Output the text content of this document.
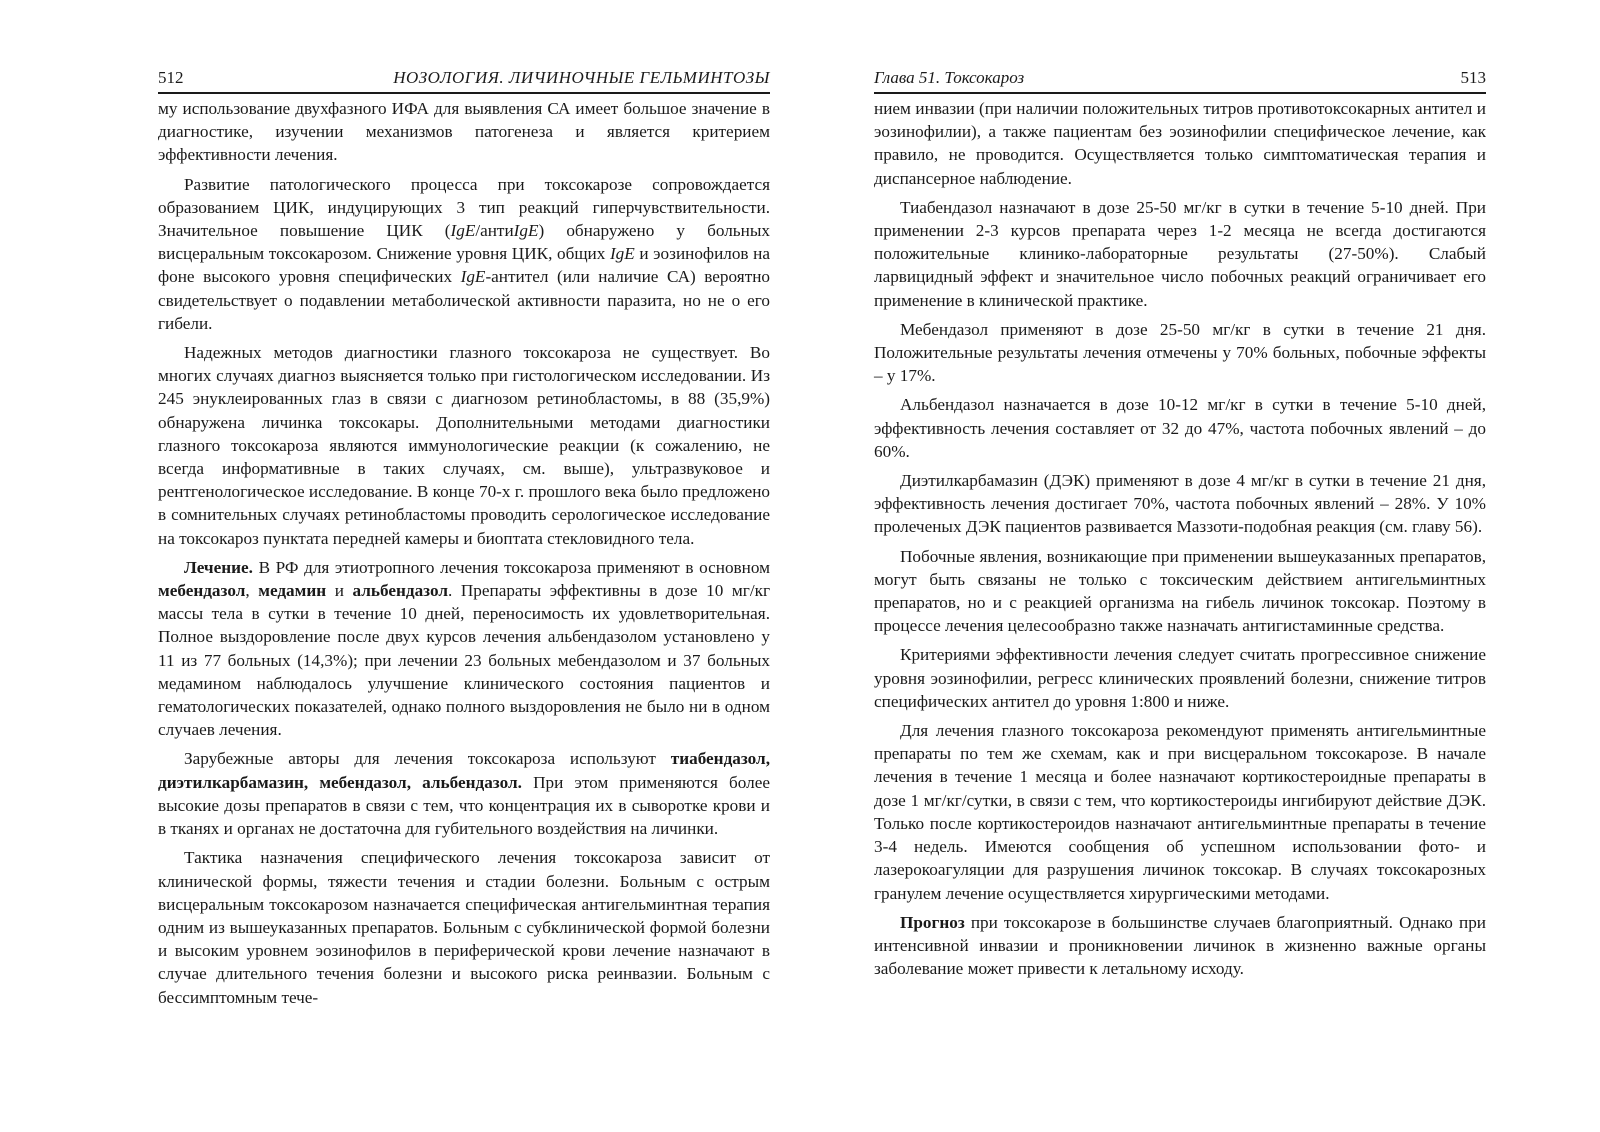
512	НОЗОЛОГИЯ. ЛИЧИНОЧНЫЕ ГЕЛЬМИНТОЗЫ

му использование двухфазного ИФА для выявления СА имеет большое значение в диагностике, изучении механизмов патогенеза и является критерием эффективности лечения.

Развитие патологического процесса при токсокарозе сопровождается образованием ЦИК, индуцирующих 3 тип реакций гиперчувствительности. Значительное повышение ЦИК (IgE/антиIgE) обнаружено у больных висцеральным токсокарозом. Снижение уровня ЦИК, общих IgE и эозинофилов на фоне высокого уровня специфических IgE-антител (или наличие СА) вероятно свидетельствует о подавлении метаболической активности паразита, но не о его гибели.

Надежных методов диагностики глазного токсокароза не существует. Во многих случаях диагноз выясняется только при гистологическом исследовании. Из 245 энуклеированных глаз в связи с диагнозом ретинобластомы, в 88 (35,9%) обнаружена личинка токсокары. Дополнительными методами диагностики глазного токсокароза являются иммунологические реакции (к сожалению, не всегда информативные в таких случаях, см. выше), ультразвуковое и рентгенологическое исследование. В конце 70-х г. прошлого века было предложено в сомнительных случаях ретинобластомы проводить серологическое исследование на токсокароз пунктата передней камеры и биоптата стекловидного тела.

Лечение. В РФ для этиотропного лечения токсокароза применяют в основном мебендазол, медамин и альбендазол. Препараты эффективны в дозе 10 мг/кг массы тела в сутки в течение 10 дней, переносимость их удовлетворительная. Полное выздоровление после двух курсов лечения альбендазолом установлено у 11 из 77 больных (14,3%); при лечении 23 больных мебендазолом и 37 больных медамином наблюдалось улучшение клинического состояния пациентов и гематологических показателей, однако полного выздоровления не было ни в одном случаев лечения.

Зарубежные авторы для лечения токсокароза используют тиабендазол, диэтилкарбамазин, мебендазол, альбендазол. При этом применяются более высокие дозы препаратов в связи с тем, что концентрация их в сыворотке крови и в тканях и органах не достаточна для губительного воздействия на личинки.

Тактика назначения специфического лечения токсокароза зависит от клинической формы, тяжести течения и стадии болезни. Больным с острым висцеральным токсокарозом назначается специфическая антигельминтная терапия одним из вышеуказанных препаратов. Больным с субклинической формой болезни и высоким уровнем эозинофилов в периферической крови лечение назначают в случае длительного течения болезни и высокого риска реинвазии. Больным с бессимптомным тече-

Глава 51. Токсокароз	513

нием инвазии (при наличии положительных титров противотоксокарных антител и эозинофилии), а также пациентам без эозинофилии специфическое лечение, как правило, не проводится. Осуществляется только симптоматическая терапия и диспансерное наблюдение.

Тиабендазол назначают в дозе 25-50 мг/кг в сутки в течение 5-10 дней. При применении 2-3 курсов препарата через 1-2 месяца не всегда достигаются положительные клинико-лабораторные результаты (27-50%). Слабый ларвицидный эффект и значительное число побочных реакций ограничивает его применение в клинической практике.

Мебендазол применяют в дозе 25-50 мг/кг в сутки в течение 21 дня. Положительные результаты лечения отмечены у 70% больных, побочные эффекты – у 17%.

Альбендазол назначается в дозе 10-12 мг/кг в сутки в течение 5-10 дней, эффективность лечения составляет от 32 до 47%, частота побочных явлений – до 60%.

Диэтилкарбамазин (ДЭК) применяют в дозе 4 мг/кг в сутки в течение 21 дня, эффективность лечения достигает 70%, частота побочных явлений – 28%. У 10% пролеченых ДЭК пациентов развивается Маззоти-подобная реакция (см. главу 56).

Побочные явления, возникающие при применении вышеуказанных препаратов, могут быть связаны не только с токсическим действием антигельминтных препаратов, но и с реакцией организма на гибель личинок токсокар. Поэтому в процессе лечения целесообразно также назначать антигистаминные средства.

Критериями эффективности лечения следует считать прогрессивное снижение уровня эозинофилии, регресс клинических проявлений болезни, снижение титров специфических антител до уровня 1:800 и ниже.

Для лечения глазного токсокароза рекомендуют применять антигельминтные препараты по тем же схемам, как и при висцеральном токсокарозе. В начале лечения в течение 1 месяца и более назначают кортикостероидные препараты в дозе 1 мг/кг/сутки, в связи с тем, что кортикостероиды ингибируют действие ДЭК. Только после кортикостероидов назначают антигельминтные препараты в течение 3-4 недель. Имеются сообщения об успешном использовании фото- и лазерокоагуляции для разрушения личинок токсокар. В случаях токсокарозных гранулем лечение осуществляется хирургическими методами.

Прогноз при токсокарозе в большинстве случаев благоприятный. Однако при интенсивной инвазии и проникновении личинок в жизненно важные органы заболевание может привести к летальному исходу.
